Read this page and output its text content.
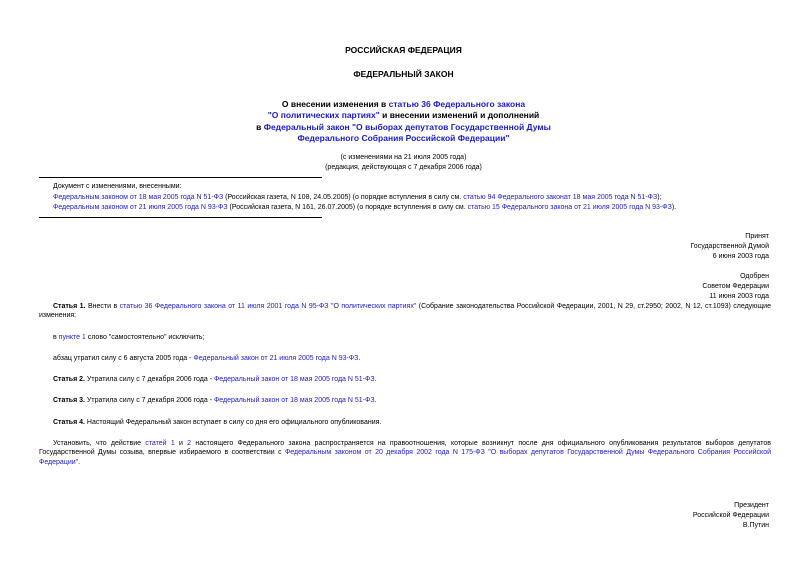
РОССИЙСКАЯ ФЕДЕРАЦИЯ
ФЕДЕРАЛЬНЫЙ ЗАКОН
О внесении изменения в статью 36 Федерального закона
"О политических партиях" и внесении изменений и дополнений
в Федеральный закон "О выборах депутатов Государственной Думы
Федерального Собрания Российской Федерации"
(с изменениями на 21 июля 2005 года)
(редакция, действующая с 7 декабря 2006 года)
Документ с изменениями, внесенными:
Федеральным законом от 18 мая 2005 года N 51-ФЗ (Российская газета, N 108, 24.05.2005) (о порядке вступления в силу см. статью 94 Федерального законат 18 мая 2005 года N 51-ФЗ);
Федеральным законом от 21 июля 2005 года N 93-ФЗ (Российская газета, N 161, 26.07.2005) (о порядке вступления в силу см. статью 15 Федерального закона от 21 июля 2005 года N 93-ФЗ).
Принят
Государственной Думой
6 июня 2003 года
Одобрен
Советом Федерации
11 июня 2003 года
Статья 1. Внести в статью 36 Федерального закона от 11 июля 2001 года N 95-ФЗ "О политических партиях" (Собрание законодательства Российской Федерации, 2001, N 29, ст.2950; 2002, N 12, ст.1093) следующие изменения:
в пункте 1 слово "самостоятельно" исключить;
абзац утратил силу с 6 августа 2005 года - Федеральный закон от 21 июля 2005 года N 93-ФЗ.
Статья 2. Утратила силу с 7 декабря 2006 года - Федеральный закон от 18 мая 2005 года N 51-ФЗ.
Статья 3. Утратила силу с 7 декабря 2006 года - Федеральный закон от 18 мая 2005 года N 51-ФЗ.
Статья 4. Настоящий Федеральный закон вступает в силу со дня его официального опубликования.
Установить, что действие статей 1 и 2 настоящего Федерального закона распространяется на правоотношения, которые возникнут после дня официального опубликования результатов выборов депутатов Государственной Думы созыва, впервые избираемого в соответствии с Федеральным законом от 20 декабря 2002 года N 175-ФЗ "О выборах депутатов Государственной Думы Федерального Собрания Российской Федерации".
Президент
Российской Федерации
В.Путин
